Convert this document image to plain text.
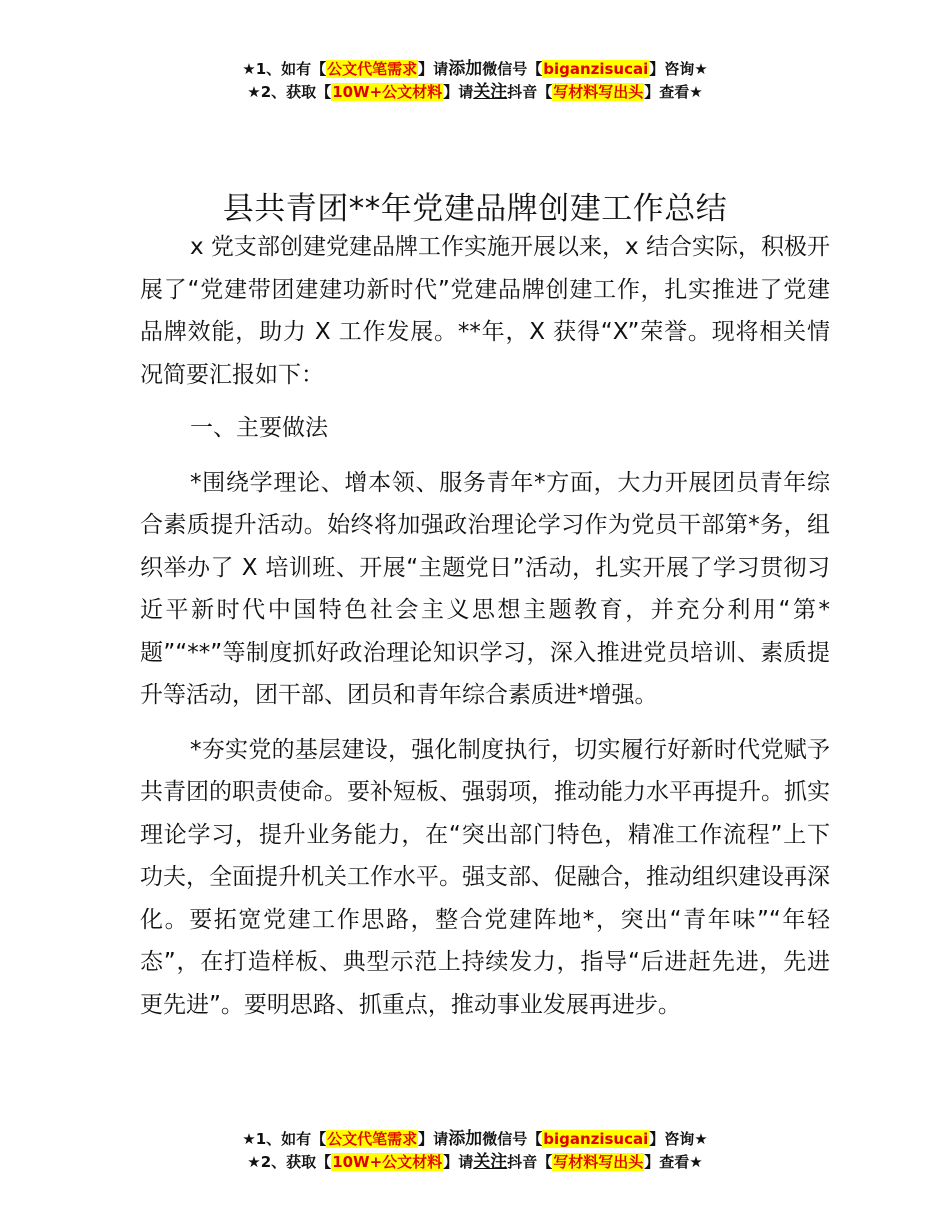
★1、如有【公文代笔需求】请添加微信号【biganzisucai】咨询★
★2、获取【10W+公文材料】请关注抖音【写材料写出头】查看★
县共青团**年党建品牌创建工作总结

x 党支部创建党建品牌工作实施开展以来，x 结合实际，积极开展了“党建带团建建功新时代”党建品牌创建工作，扎实推进了党建品牌效能，助力 X 工作发展。**年，X 获得“X”荣誉。现将相关情况简要汇报如下：

一、主要做法

*围绕学理论、增本领、服务青年*方面，大力开展团员青年综合素质提升活动。始终将加强政治理论学习作为党员干部第*务，组织举办了 X 培训班、开展“主题党日”活动，扎实开展了学习贯彻习近平新时代中国特色社会主义思想主题教育，并充分利用“第*题”“**”等制度抓好政治理论知识学习，深入推进党员培训、素质提升等活动，团干部、团员和青年综合素质进*增强。

*夯实党的基层建设，强化制度执行，切实履行好新时代党赋予共青团的职责使命。要补短板、强弱项，推动能力水平再提升。抓实理论学习，提升业务能力，在“突出部门特色，精准工作流程”上下功夫，全面提升机关工作水平。强支部、促融合，推动组织建设再深化。要拓宽党建工作思路，整合党建阵地*，突出“青年味”“年轻态”，在打造样板、典型示范上持续发力，指导“后进赶先进，先进更先进”。要明思路、抓重点，推动事业发展再进步。

★1、如有【公文代笔需求】请添加微信号【biganzisucai】咨询★
★2、获取【10W+公文材料】请关注抖音【写材料写出头】查看★
